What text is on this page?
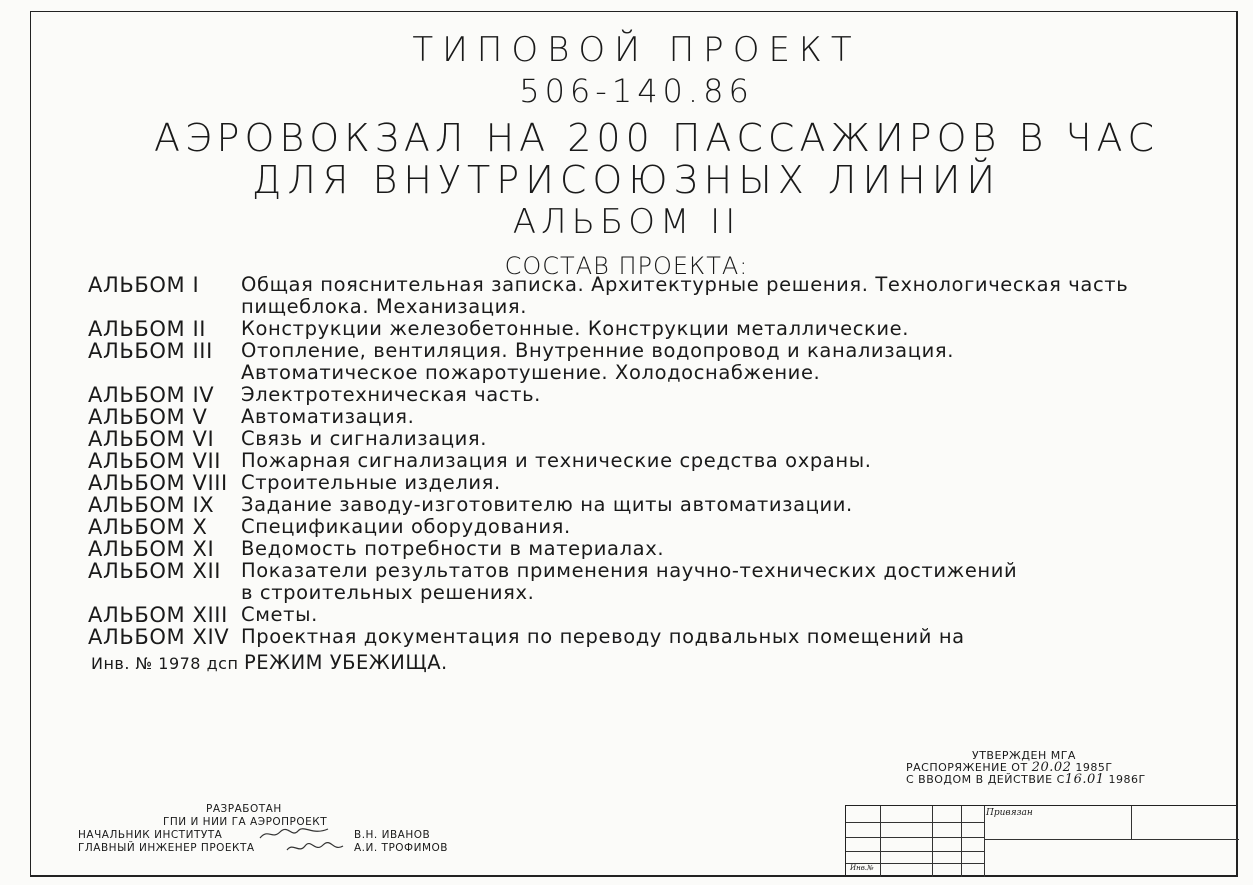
ТИПОВОЙ ПРОЕКТ
506-140.86
АЭРОВОКЗАЛ НА 200 ПАССАЖИРОВ В ЧАС
ДЛЯ ВНУТРИСОЮЗНЫХ ЛИНИЙ
АЛЬБОМ II
СОСТАВ ПРОЕКТА:
АЛЬБОМ I	Общая пояснительная записка. Архитектурные решения. Технологическая часть
пищеблока. Механизация.
АЛЬБОМ II	Конструкции железобетонные. Конструкции металлические.
АЛЬБОМ III	Отопление, вентиляция. Внутренние водопровод и канализация.
Автоматическое пожаротушение. Холодоснабжение.
АЛЬБОМ IV	Электротехническая часть.
АЛЬБОМ V	Автоматизация.
АЛЬБОМ VI	Связь и сигнализация.
АЛЬБОМ VII	Пожарная сигнализация и технические средства охраны.
АЛЬБОМ VIII Строительные изделия.
АЛЬБОМ IX	Задание заводу-изготовителю на щиты автоматизации.
АЛЬБОМ X	Спецификации оборудования.
АЛЬБОМ XI	Ведомость потребности в материалах.
АЛЬБОМ XII	Показатели результатов применения научно-технических достижений
в строительных решениях.
АЛЬБОМ XIII Сметы.
АЛЬБОМ XIV Проектная документация по переводу подвальных помещений на
Инв. № 1978 дсп РЕЖИМ УБЕЖИЩА.
УТВЕРЖДЕН МГА
РАСПОРЯЖЕНИЕ ОТ 20.02 1985Г
С ВВОДОМ В ДЕЙСТВИЕ С16.01 1986Г
РАЗРАБОТАН
ГПИ И НИИ ГА АЭРОПРОЕКТ
НАЧАЛЬНИК ИНСТИТУТА	В.Н. ИВАНОВ
ГЛАВНЫЙ ИНЖЕНЕР ПРОЕКТА	А.И. ТРОФИМОВ
Привязан
Инв.№
